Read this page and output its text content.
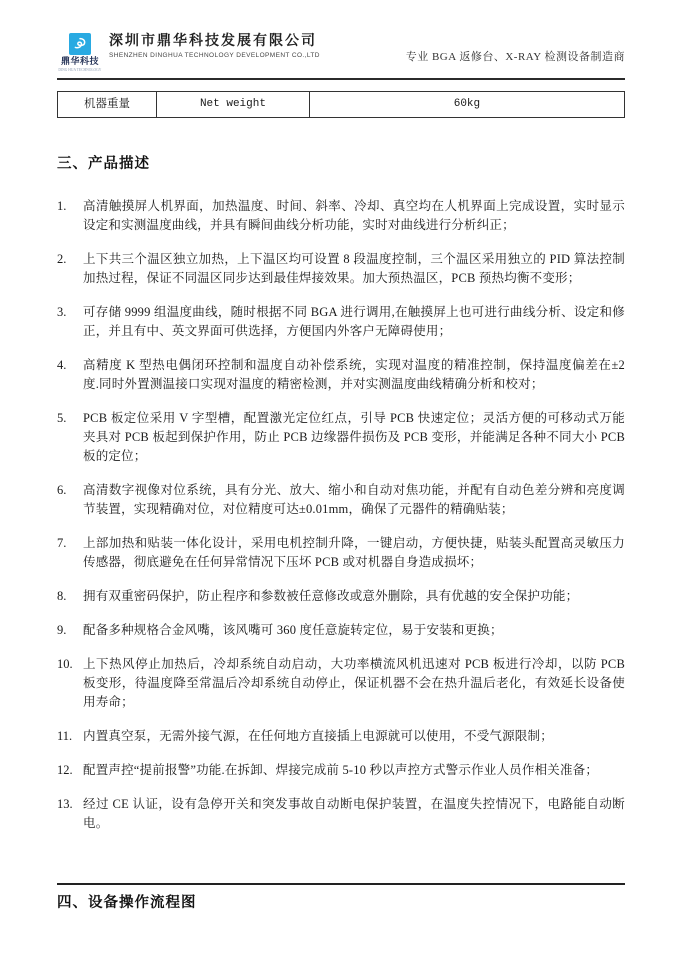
鼎华科技
DING HUA TECHNOLOGY
深圳市鼎华科技发展有限公司
SHENZHEN DINGHUA TECHNOLOGY DEVELOPMENT CO.,LTD	专业 BGA 返修台、X-RAY 检测设备制造商
机器重量	Net weight	60kg
三、产品描述
1.	高清触摸屏人机界面，加热温度、时间、斜率、冷却、真空均在人机界面上完成设置，实时显示设定和实测温度曲线，并具有瞬间曲线分析功能，实时对曲线进行分析纠正；
2.	上下共三个温区独立加热，上下温区均可设置 8 段温度控制，三个温区采用独立的 PID 算法控制加热过程，保证不同温区同步达到最佳焊接效果。加大预热温区，PCB 预热均衡不变形；
3.	可存储 9999 组温度曲线，随时根据不同 BGA 进行调用,在触摸屏上也可进行曲线分析、设定和修正，并且有中、英文界面可供选择，方便国内外客户无障碍使用；
4.	高精度 K 型热电偶闭环控制和温度自动补偿系统，实现对温度的精准控制，保持温度偏差在±2 度.同时外置测温接口实现对温度的精密检测，并对实测温度曲线精确分析和校对；
5.	PCB 板定位采用 V 字型槽，配置激光定位红点，引导 PCB 快速定位；灵活方便的可移动式万能夹具对 PCB 板起到保护作用，防止 PCB 边缘器件损伤及 PCB 变形，并能满足各种不同大小 PCB 板的定位；
6.	高清数字视像对位系统，具有分光、放大、缩小和自动对焦功能，并配有自动色差分辨和亮度调节装置，实现精确对位，对位精度可达±0.01mm，确保了元器件的精确贴装；
7.	上部加热和贴装一体化设计，采用电机控制升降，一键启动，方便快捷，贴装头配置高灵敏压力传感器，彻底避免在任何异常情况下压坏 PCB 或对机器自身造成损坏；
8.	拥有双重密码保护，防止程序和参数被任意修改或意外删除，具有优越的安全保护功能；
9.	配备多种规格合金风嘴，该风嘴可 360 度任意旋转定位，易于安装和更换；
10. 上下热风停止加热后，冷却系统自动启动，大功率横流风机迅速对 PCB 板进行冷却，以防 PCB 板变形，待温度降至常温后冷却系统自动停止，保证机器不会在热升温后老化，有效延长设备使用寿命；
11. 内置真空泵，无需外接气源，在任何地方直接插上电源就可以使用，不受气源限制；
12. 配置声控“提前报警”功能.在拆卸、焊接完成前 5-10 秒以声控方式警示作业人员作相关准备；
13. 经过 CE 认证，设有急停开关和突发事故自动断电保护装置，在温度失控情况下，电路能自动断电。
四、设备操作流程图
